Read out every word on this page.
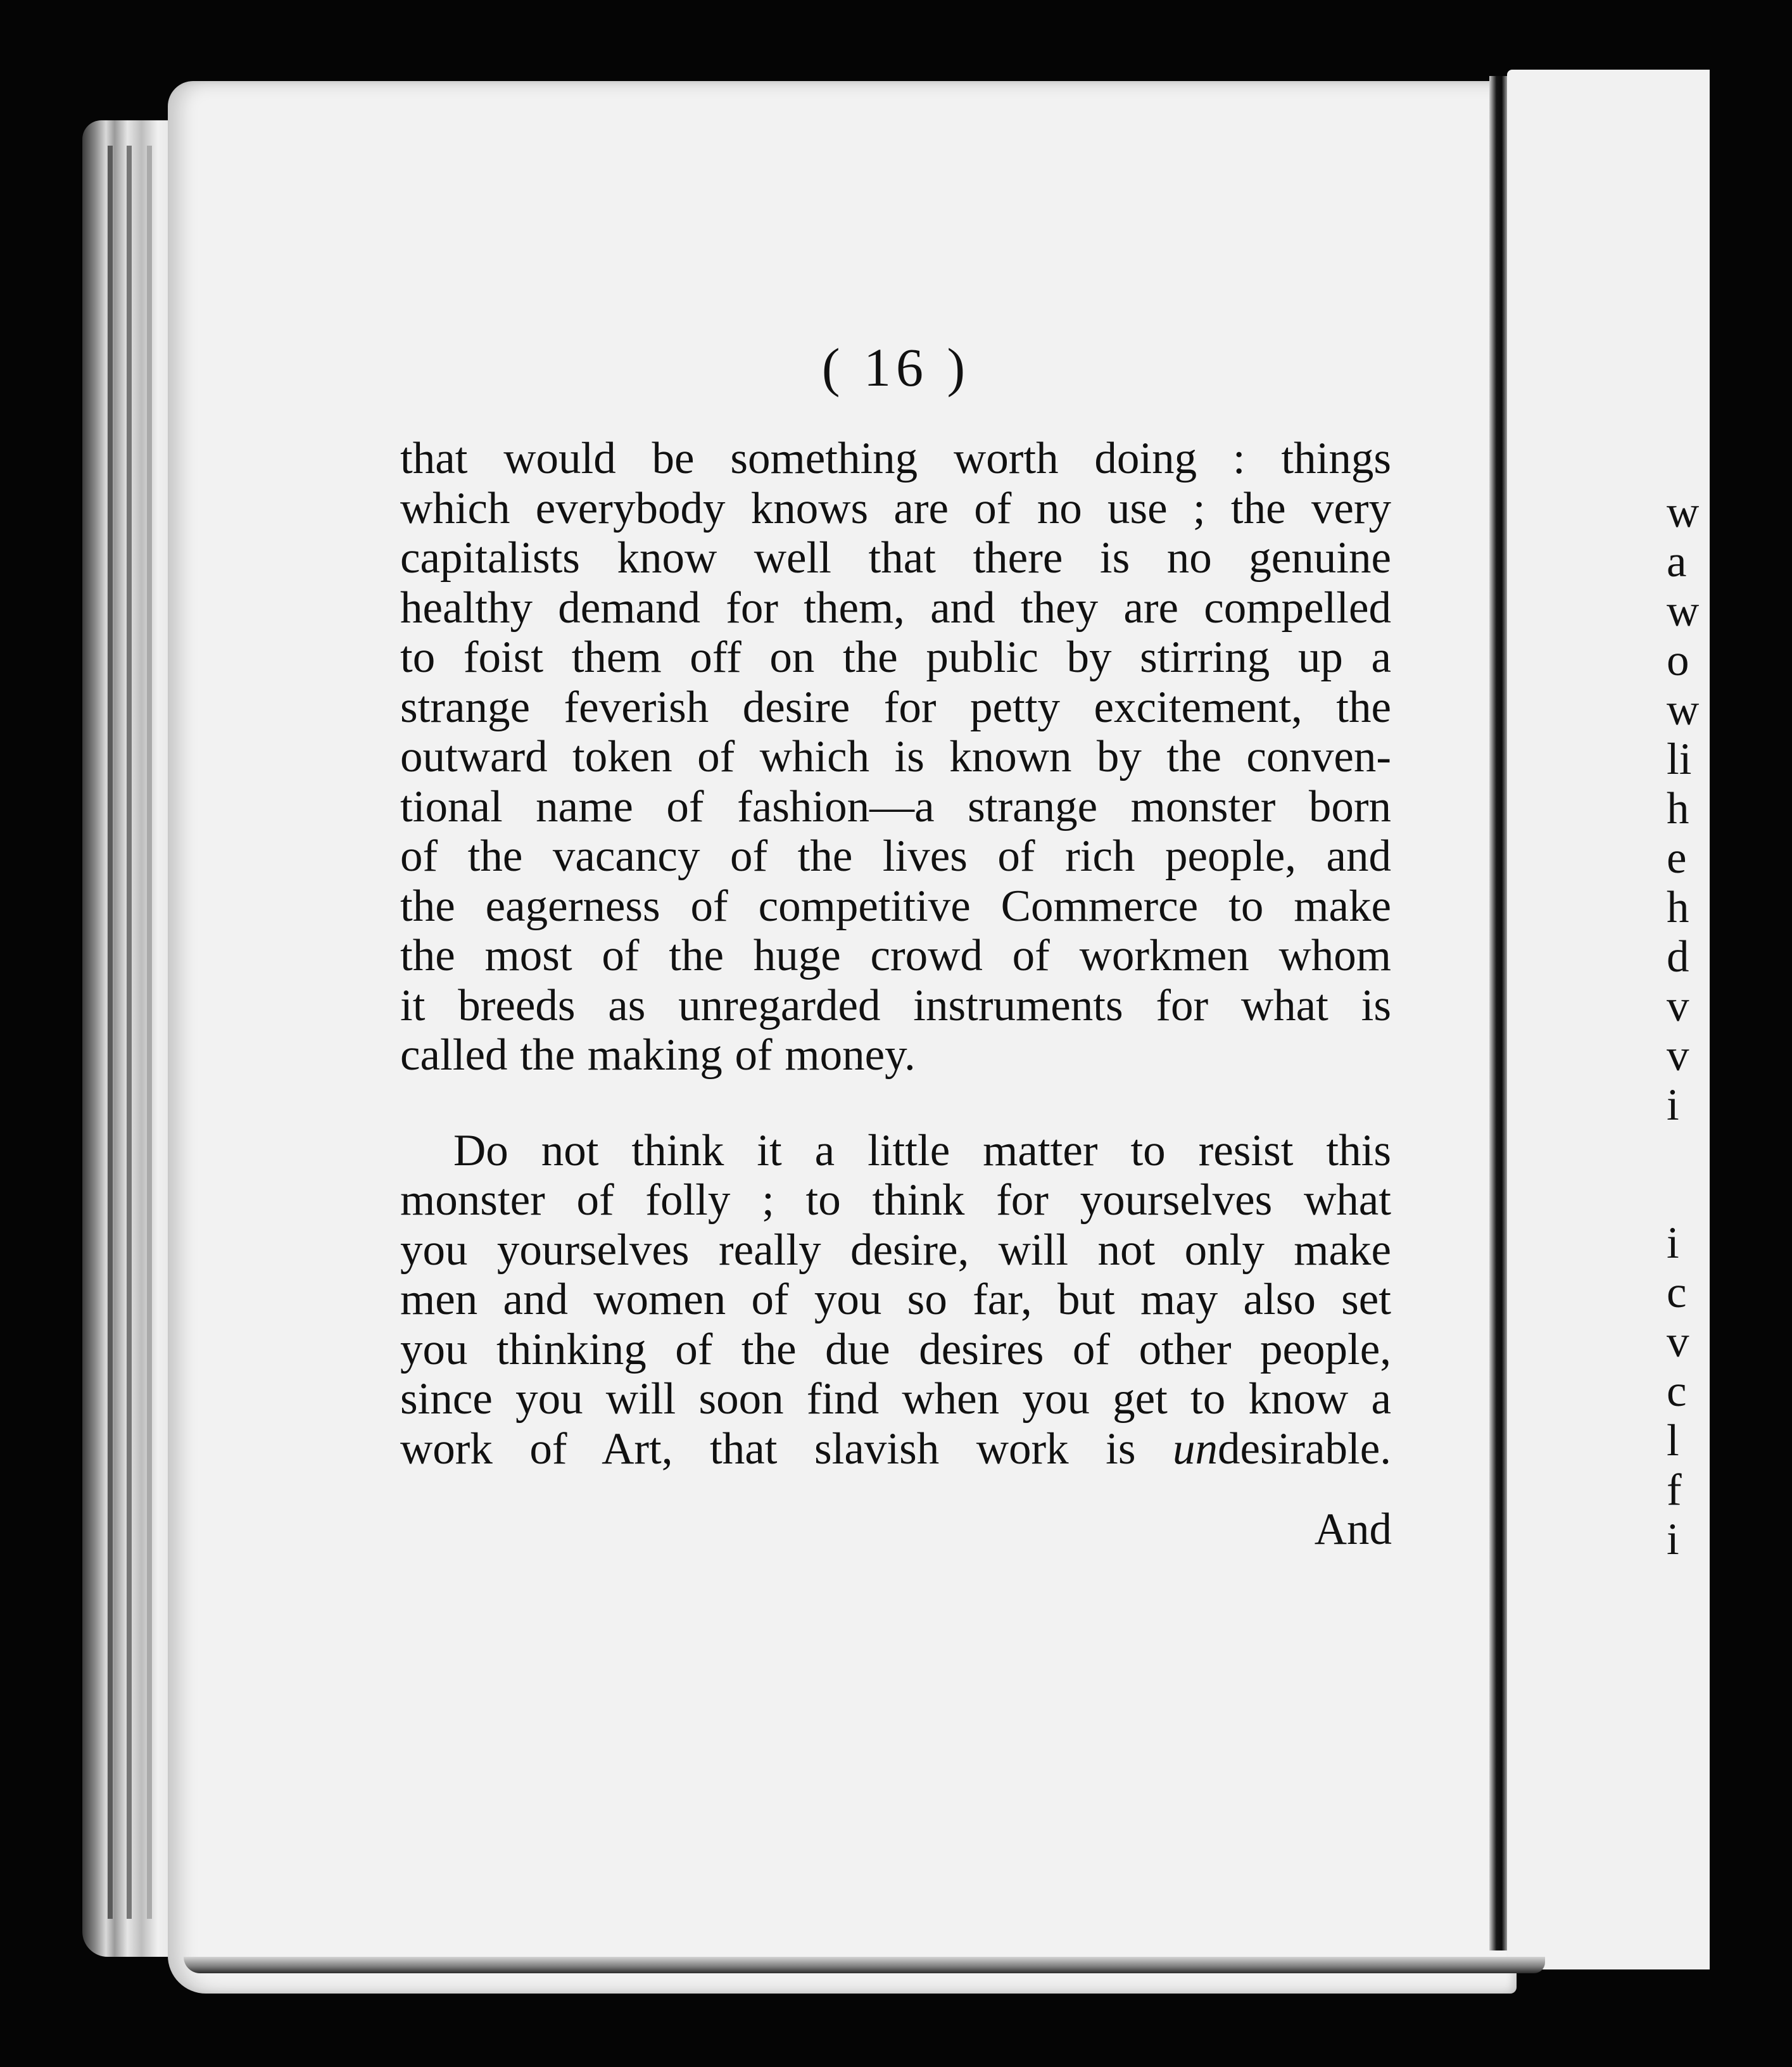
( 16 )
that would be something worth doing : things
which everybody knows are of no use ; the very
capitalists know well that there is no genuine
healthy demand for them, and they are compelled
to foist them off on the public by stirring up a
strange feverish desire for petty excitement, the
outward token of which is known by the conven-
tional name of fashion—a strange monster born
of the vacancy of the lives of rich people, and
the eagerness of competitive Commerce to make
the most of the huge crowd of workmen whom
it breeds as unregarded instruments for what is
called the making of money.
Do not think it a little matter to resist this
monster of folly ; to think for yourselves what
you yourselves really desire, will not only make
men and women of you so far, but may also set
you thinking of the due desires of other people,
since you will soon find when you get to know a
work of Art, that slavish work is undesirable.
And
w
a
w
o
w
li
h
e
h
d
v
v
i
i
c
v
c
l
f
i
